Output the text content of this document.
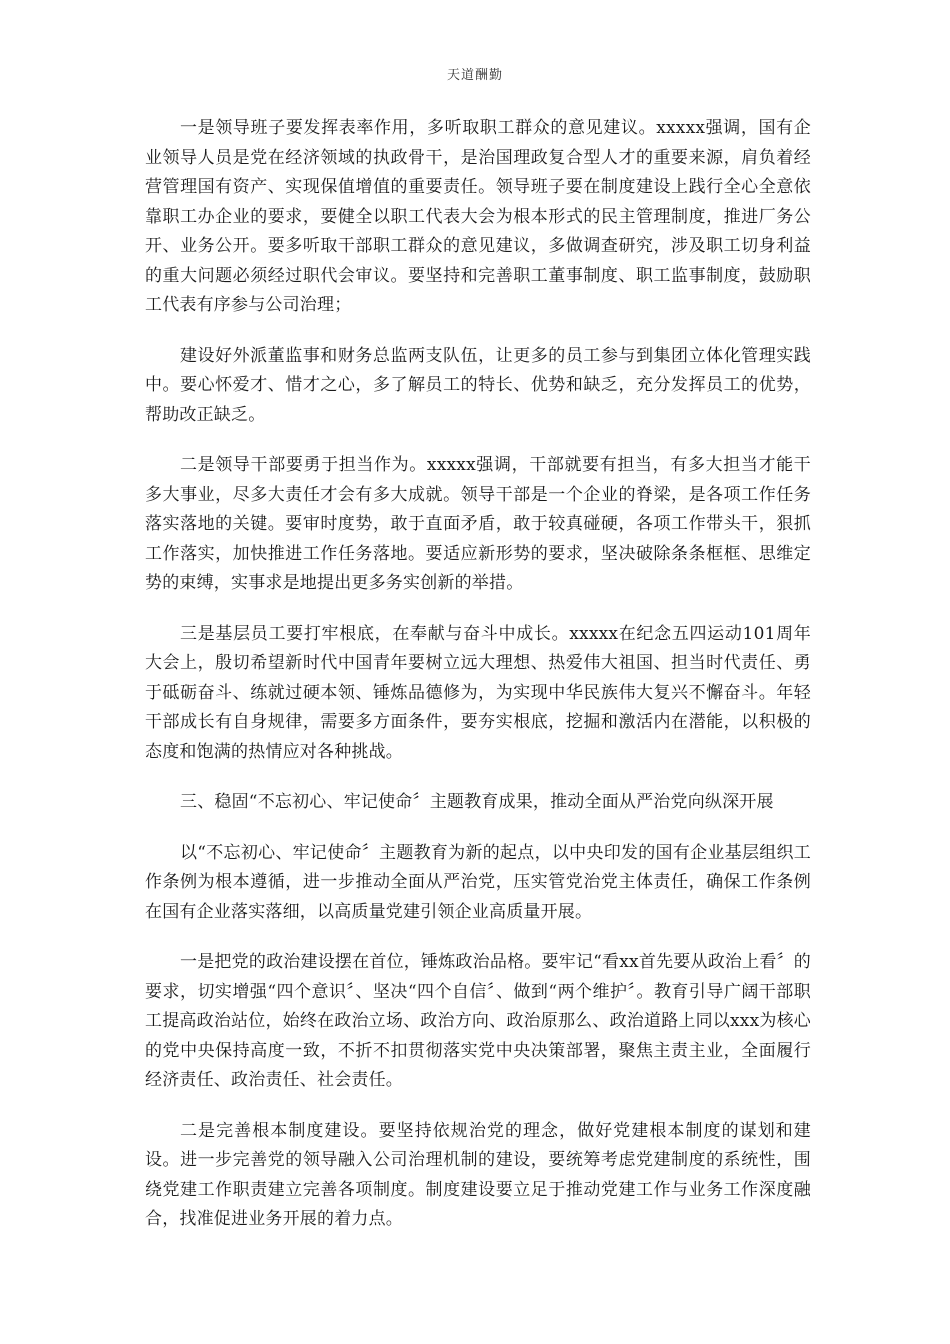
天道酬勤

一是领导班子要发挥表率作用，多听取职工群众的意见建议。xxxxx强调，国有企业领导人员是党在经济领域的执政骨干，是治国理政复合型人才的重要来源，肩负着经营管理国有资产、实现保值增值的重要责任。领导班子要在制度建设上践行全心全意依靠职工办企业的要求，要健全以职工代表大会为根本形式的民主管理制度，推进厂务公开、业务公开。要多听取干部职工群众的意见建议，多做调查研究，涉及职工切身利益的重大问题必须经过职代会审议。要坚持和完善职工董事制度、职工监事制度，鼓励职工代表有序参与公司治理；

建设好外派董监事和财务总监两支队伍，让更多的员工参与到集团立体化管理实践中。要心怀爱才、惜才之心，多了解员工的特长、优势和缺乏，充分发挥员工的优势，帮助改正缺乏。

二是领导干部要勇于担当作为。xxxxx强调，干部就要有担当，有多大担当才能干多大事业，尽多大责任才会有多大成就。领导干部是一个企业的脊梁，是各项工作任务落实落地的关键。要审时度势，敢于直面矛盾，敢于较真碰硬，各项工作带头干，狠抓工作落实，加快推进工作任务落地。要适应新形势的要求，坚决破除条条框框、思维定势的束缚，实事求是地提出更多务实创新的举措。

三是基层员工要打牢根底，在奉献与奋斗中成长。xxxxx在纪念五四运动101周年大会上，殷切希望新时代中国青年要树立远大理想、热爱伟大祖国、担当时代责任、勇于砥砺奋斗、练就过硬本领、锤炼品德修为，为实现中华民族伟大复兴不懈奋斗。年轻干部成长有自身规律，需要多方面条件，要夯实根底，挖掘和激活内在潜能，以积极的态度和饱满的热情应对各种挑战。

三、稳固“不忘初心、牢记使命〞主题教育成果，推动全面从严治党向纵深开展

以“不忘初心、牢记使命〞主题教育为新的起点，以中央印发的国有企业基层组织工作条例为根本遵循，进一步推动全面从严治党，压实管党治党主体责任，确保工作条例在国有企业落实落细，以高质量党建引领企业高质量开展。

一是把党的政治建设摆在首位，锤炼政治品格。要牢记“看xx首先要从政治上看〞的要求，切实增强“四个意识〞、坚决“四个自信〞、做到“两个维护〞。教育引导广阔干部职工提高政治站位，始终在政治立场、政治方向、政治原那么、政治道路上同以xxx为核心的党中央保持高度一致，不折不扣贯彻落实党中央决策部署，聚焦主责主业，全面履行经济责任、政治责任、社会责任。

二是完善根本制度建设。要坚持依规治党的理念，做好党建根本制度的谋划和建设。进一步完善党的领导融入公司治理机制的建设，要统筹考虑党建制度的系统性，围绕党建工作职责建立完善各项制度。制度建设要立足于推动党建工作与业务工作深度融合，找准促进业务开展的着力点。
